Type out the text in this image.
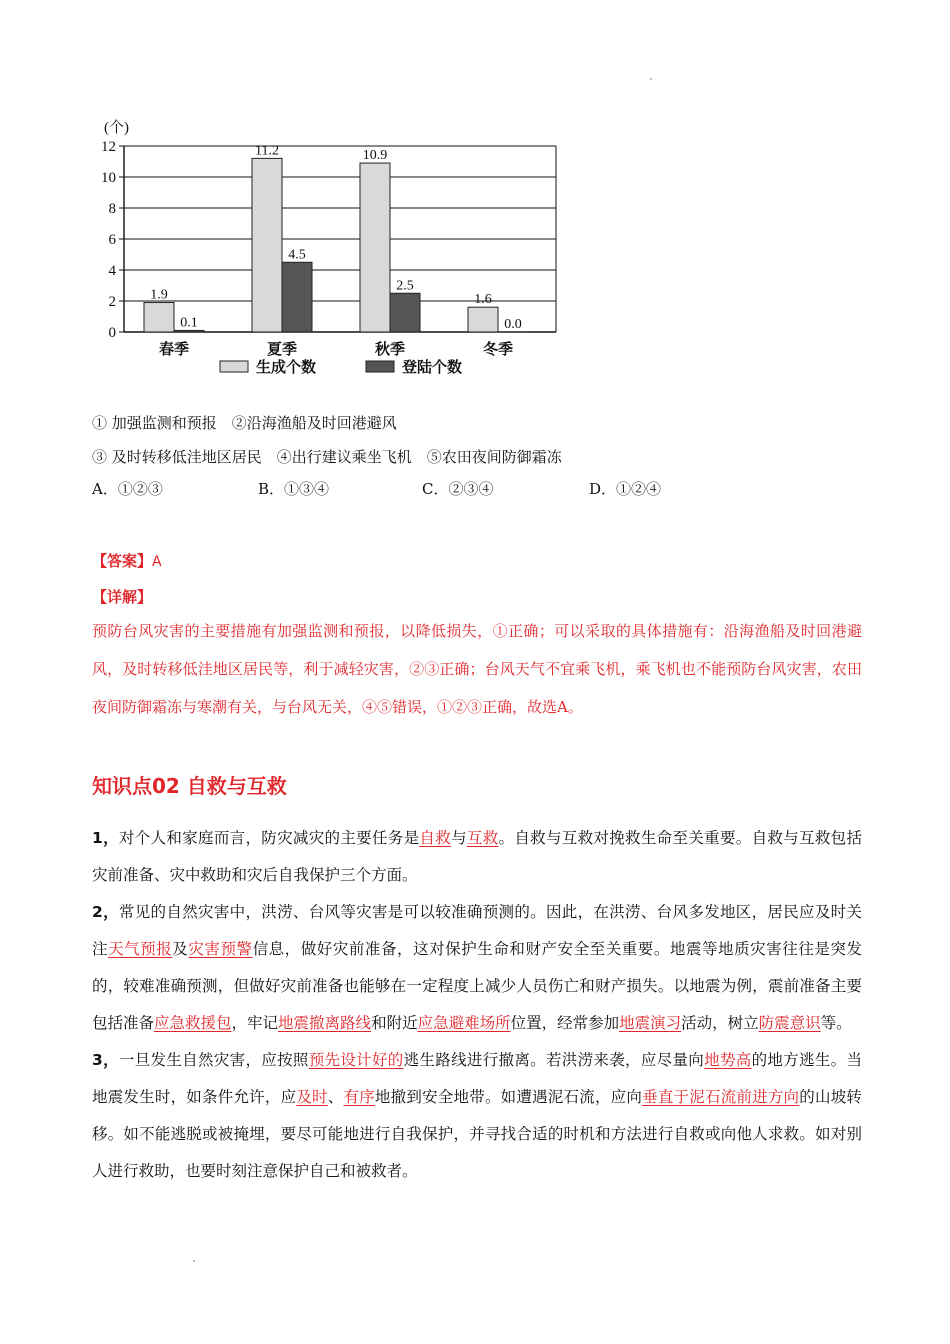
1.9
0.1
11.2
4.5
10.9
2.5
1.6
0.0
(个)
0
2
4
6
8
10
12
春季	夏季	秋季	冬季
生成个数	登陆个数
① 加强监测和预报　②沿海渔船及时回港避风
③ 及时转移低洼地区居民　④出行建议乘坐飞机　⑤农田夜间防御霜冻
A．①②③	B．①③④	C．②③④	D．①②④
【答案】A
【详解】
预防台风灾害的主要措施有加强监测和预报，以降低损失，①正确；可以采取的具体措施有：沿海渔船及时回港避风，及时转移低洼地区居民等，利于减轻灾害，②③正确；台风天气不宜乘飞机，乘飞机也不能预防台风灾害，农田夜间防御霜冻与寒潮有关，与台风无关，④⑤错误，①②③正确，故选A。
知识点02 自救与互救
1，对个人和家庭而言，防灾减灾的主要任务是自救与互救。自救与互救对挽救生命至关重要。自救与互救包括灾前准备、灾中救助和灾后自我保护三个方面。
2，常见的自然灾害中，洪涝、台风等灾害是可以较准确预测的。因此，在洪涝、台风多发地区，居民应及时关注天气预报及灾害预警信息，做好灾前准备，这对保护生命和财产安全至关重要。地震等地质灾害往往是突发的，较难准确预测，但做好灾前准备也能够在一定程度上减少人员伤亡和财产损失。以地震为例，震前准备主要包括准备应急救援包，牢记地震撤离路线和附近应急避难场所位置，经常参加地震演习活动，树立防震意识等。
3，一旦发生自然灾害，应按照预先设计好的逃生路线进行撤离。若洪涝来袭，应尽量向地势高的地方逃生。当地震发生时，如条件允许，应及时、有序地撤到安全地带。如遭遇泥石流，应向垂直于泥石流前进方向的山坡转移。如不能逃脱或被掩埋，要尽可能地进行自我保护，并寻找合适的时机和方法进行自救或向他人求救。如对别人进行救助，也要时刻注意保护自己和被救者。
